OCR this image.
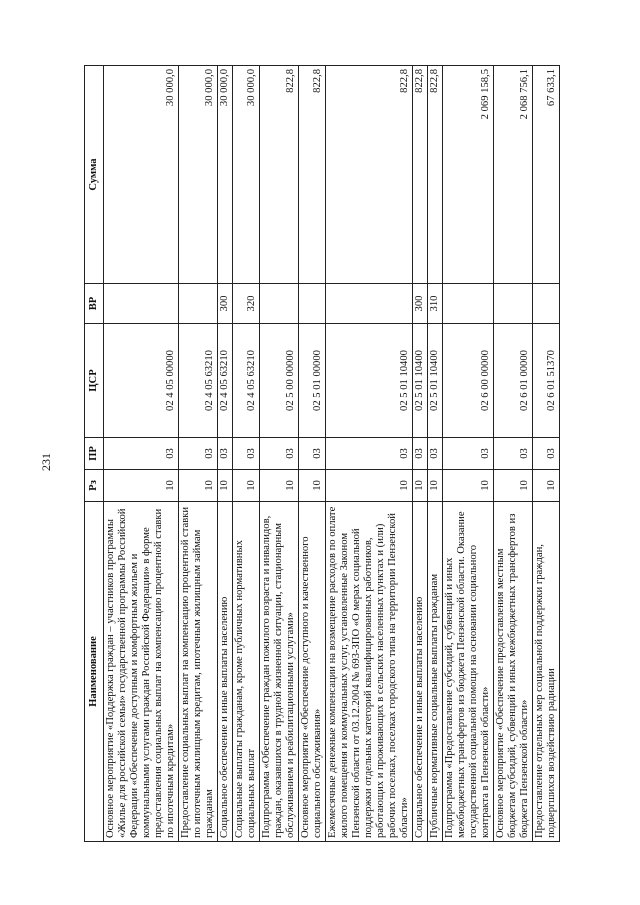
231
Наименование	Рз	ПР	ЦСР	ВР	Сумма
Основное мероприятие «Поддержка граждан – участников программы «Жилье для российской семьи» государственной программы Российской Федерации «Обеспечение доступным и комфортным жильем и коммунальными услугами граждан Российской Федерации» в форме предоставления социальных выплат на компенсацию процентной ставки по ипотечным кредитам»	10	03	02 4 05 00000		30 000,0
Предоставление социальных выплат на компенсацию процентной ставки по ипотечным жилищным кредитам, ипотечным жилищным займам гражданам	10	03	02 4 05 63210		30 000,0
Социальное обеспечение и иные выплаты населению	10	03	02 4 05 63210	300	30 000,0
Социальные выплаты гражданам, кроме публичных нормативных социальных выплат	10	03	02 4 05 63210	320	30 000,0
Подпрограмма «Обеспечение граждан пожилого возраста и инвалидов, граждан, оказавшихся в трудной жизненной ситуации, стационарным обслуживанием и реабилитационными услугами»	10	03	02 5 00 00000		822,8
Основное мероприятие «Обеспечение доступного и качественного социального обслуживания»	10	03	02 5 01 00000		822,8
Ежемесячные денежные компенсации на возмещение расходов по оплате жилого помещения и коммунальных услуг, установленные Законом Пензенской области от 03.12.2004 № 693-ЗПО «О мерах социальной поддержки отдельных категорий квалифицированных работников, работающих и проживающих в сельских населенных пунктах и (или) рабочих поселках, поселках городского типа на территории Пензенской области»	10	03	02 5 01 10400		822,8
Социальное обеспечение и иные выплаты населению	10	03	02 5 01 10400	300	822,8
Публичные нормативные социальные выплаты гражданам	10	03	02 5 01 10400	310	822,8
Подпрограмма «Предоставление субсидий, субвенций и иных межбюджетных трансфертов из бюджета Пензенской области. Оказание государственной социальной помощи на основании социального контракта в Пензенской области»	10	03	02 6 00 00000		2 069 158,5
Основное мероприятие «Обеспечение предоставления местным бюджетам субсидий, субвенций и иных межбюджетных трансфертов из бюджета Пензенской области»	10	03	02 6 01 00000		2 068 756,1
Предоставление отдельных мер социальной поддержки граждан, подвергшихся воздействию радиации	10	03	02 6 01 51370		67 633,1
